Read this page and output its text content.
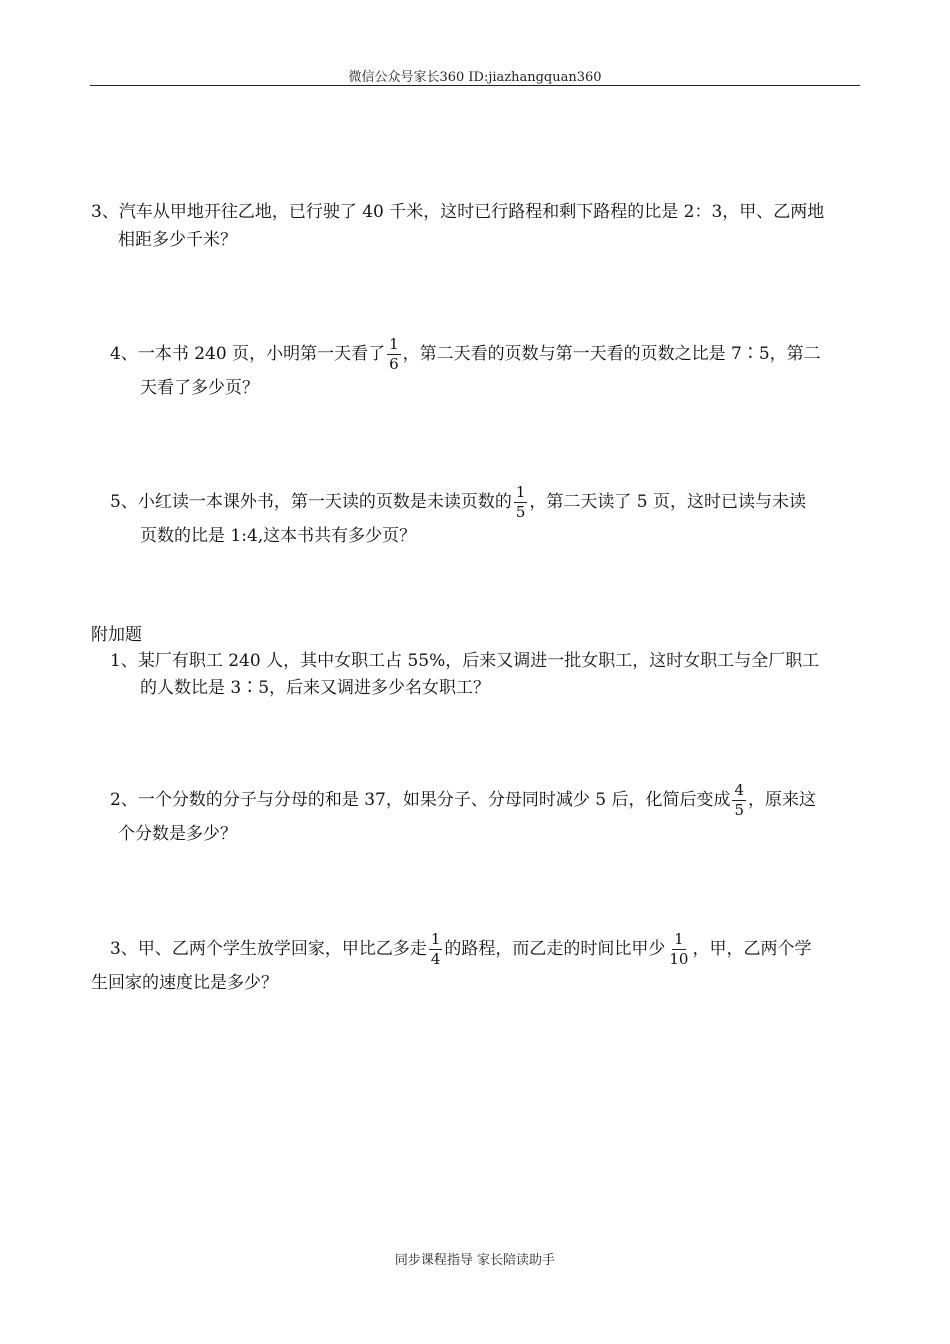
微信公众号家长360 ID:jiazhangquan360
3、汽车从甲地开往乙地，已行驶了 40 千米，这时已行路程和剩下路程的比是 2：3，甲、乙两地
相距多少千米？
4、一本书 240 页，小明第一天看了 $\frac{1}{6}$ ，第二天看的页数与第一天看的页数之比是 7∶5，第二
天看了多少页？
5、小红读一本课外书，第一天读的页数是未读页数的 $\frac{1}{5}$ ，第二天读了 5 页，这时已读与未读
页数的比是 1:4,这本书共有多少页？
附加题
1、某厂有职工 240 人，其中女职工占 55%，后来又调进一批女职工，这时女职工与全厂职工
的人数比是 3∶5，后来又调进多少名女职工？
2、一个分数的分子与分母的和是 37，如果分子、分母同时减少 5 后，化简后变成 $\frac{4}{5}$ ，原来这
个分数是多少？
3、甲、乙两个学生放学回家，甲比乙多走 $\frac{1}{4}$ 的路程，而乙走的时间比甲少 $\frac{1}{10}$ ，甲，乙两个学
生回家的速度比是多少？
同步课程指导 家长陪读助手
